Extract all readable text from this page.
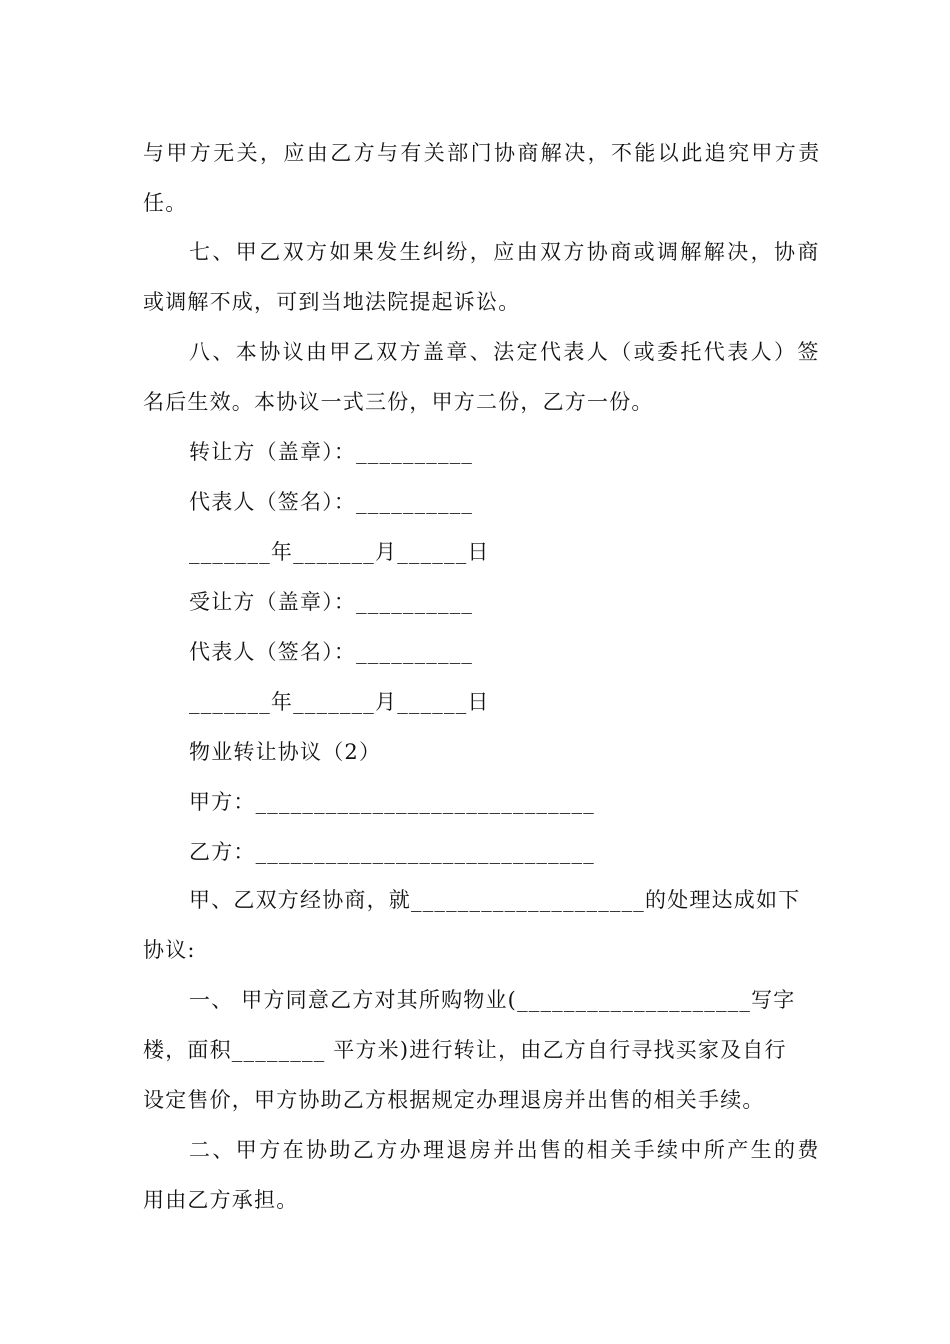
与甲方无关，应由乙方与有关部门协商解决，不能以此追究甲方责
任。
七、甲乙双方如果发生纠纷，应由双方协商或调解解决，协商
或调解不成，可到当地法院提起诉讼。
八、本协议由甲乙双方盖章、法定代表人（或委托代表人）签
名后生效。本协议一式三份，甲方二份，乙方一份。
转让方（盖章）：__________
代表人（签名）：__________
_______年_______月______日
受让方（盖章）：__________
代表人（签名）：__________
_______年_______月______日
物业转让协议（2）
甲方：_____________________________
乙方：_____________________________
甲、乙双方经协商，就____________________的处理达成如下
协议:
一、 甲方同意乙方对其所购物业(____________________写字
楼，面积________ 平方米)进行转让，由乙方自行寻找买家及自行
设定售价，甲方协助乙方根据规定办理退房并出售的相关手续。
二、甲方在协助乙方办理退房并出售的相关手续中所产生的费
用由乙方承担。
